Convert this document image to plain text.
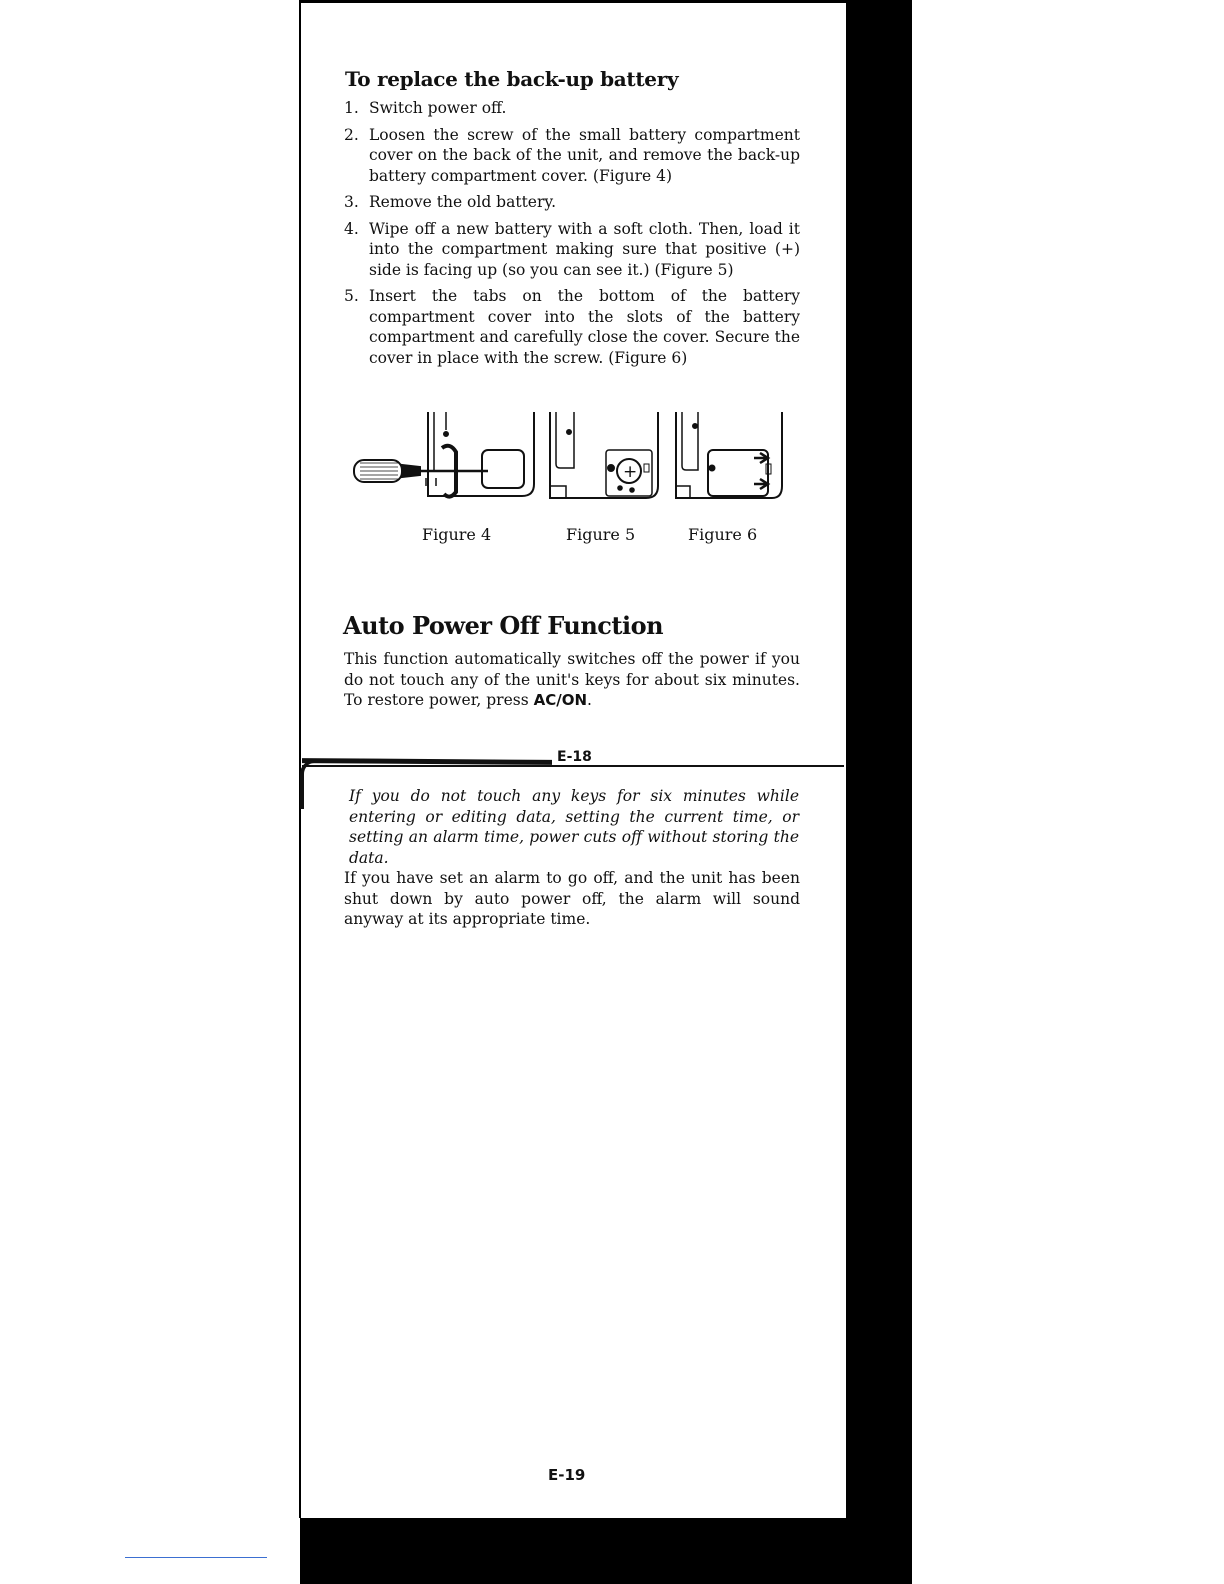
To replace the back-up battery
1. Switch power off.
2. Loosen the screw of the small battery compartment cover on the back of the unit, and remove the back-up battery compartment cover. (Figure 4)
3. Remove the old battery.
4. Wipe off a new battery with a soft cloth. Then, load it into the compartment making sure that positive (+) side is facing up (so you can see it.) (Figure 5)
5. Insert the tabs on the bottom of the battery compartment cover into the slots of the battery compartment and carefully close the cover. Secure the cover in place with the screw. (Figure 6)
+
Figure 4	Figure 5	Figure 6
Auto Power Off Function

This function automatically switches off the power if you do not touch any of the unit's keys for about six minutes. To restore power, press AC/ON.

E-18

If you do not touch any keys for six minutes while entering or editing data, setting the current time, or setting an alarm time, power cuts off without storing the data.

If you have set an alarm to go off, and the unit has been shut down by auto power off, the alarm will sound anyway at its appropriate time.

E-19
